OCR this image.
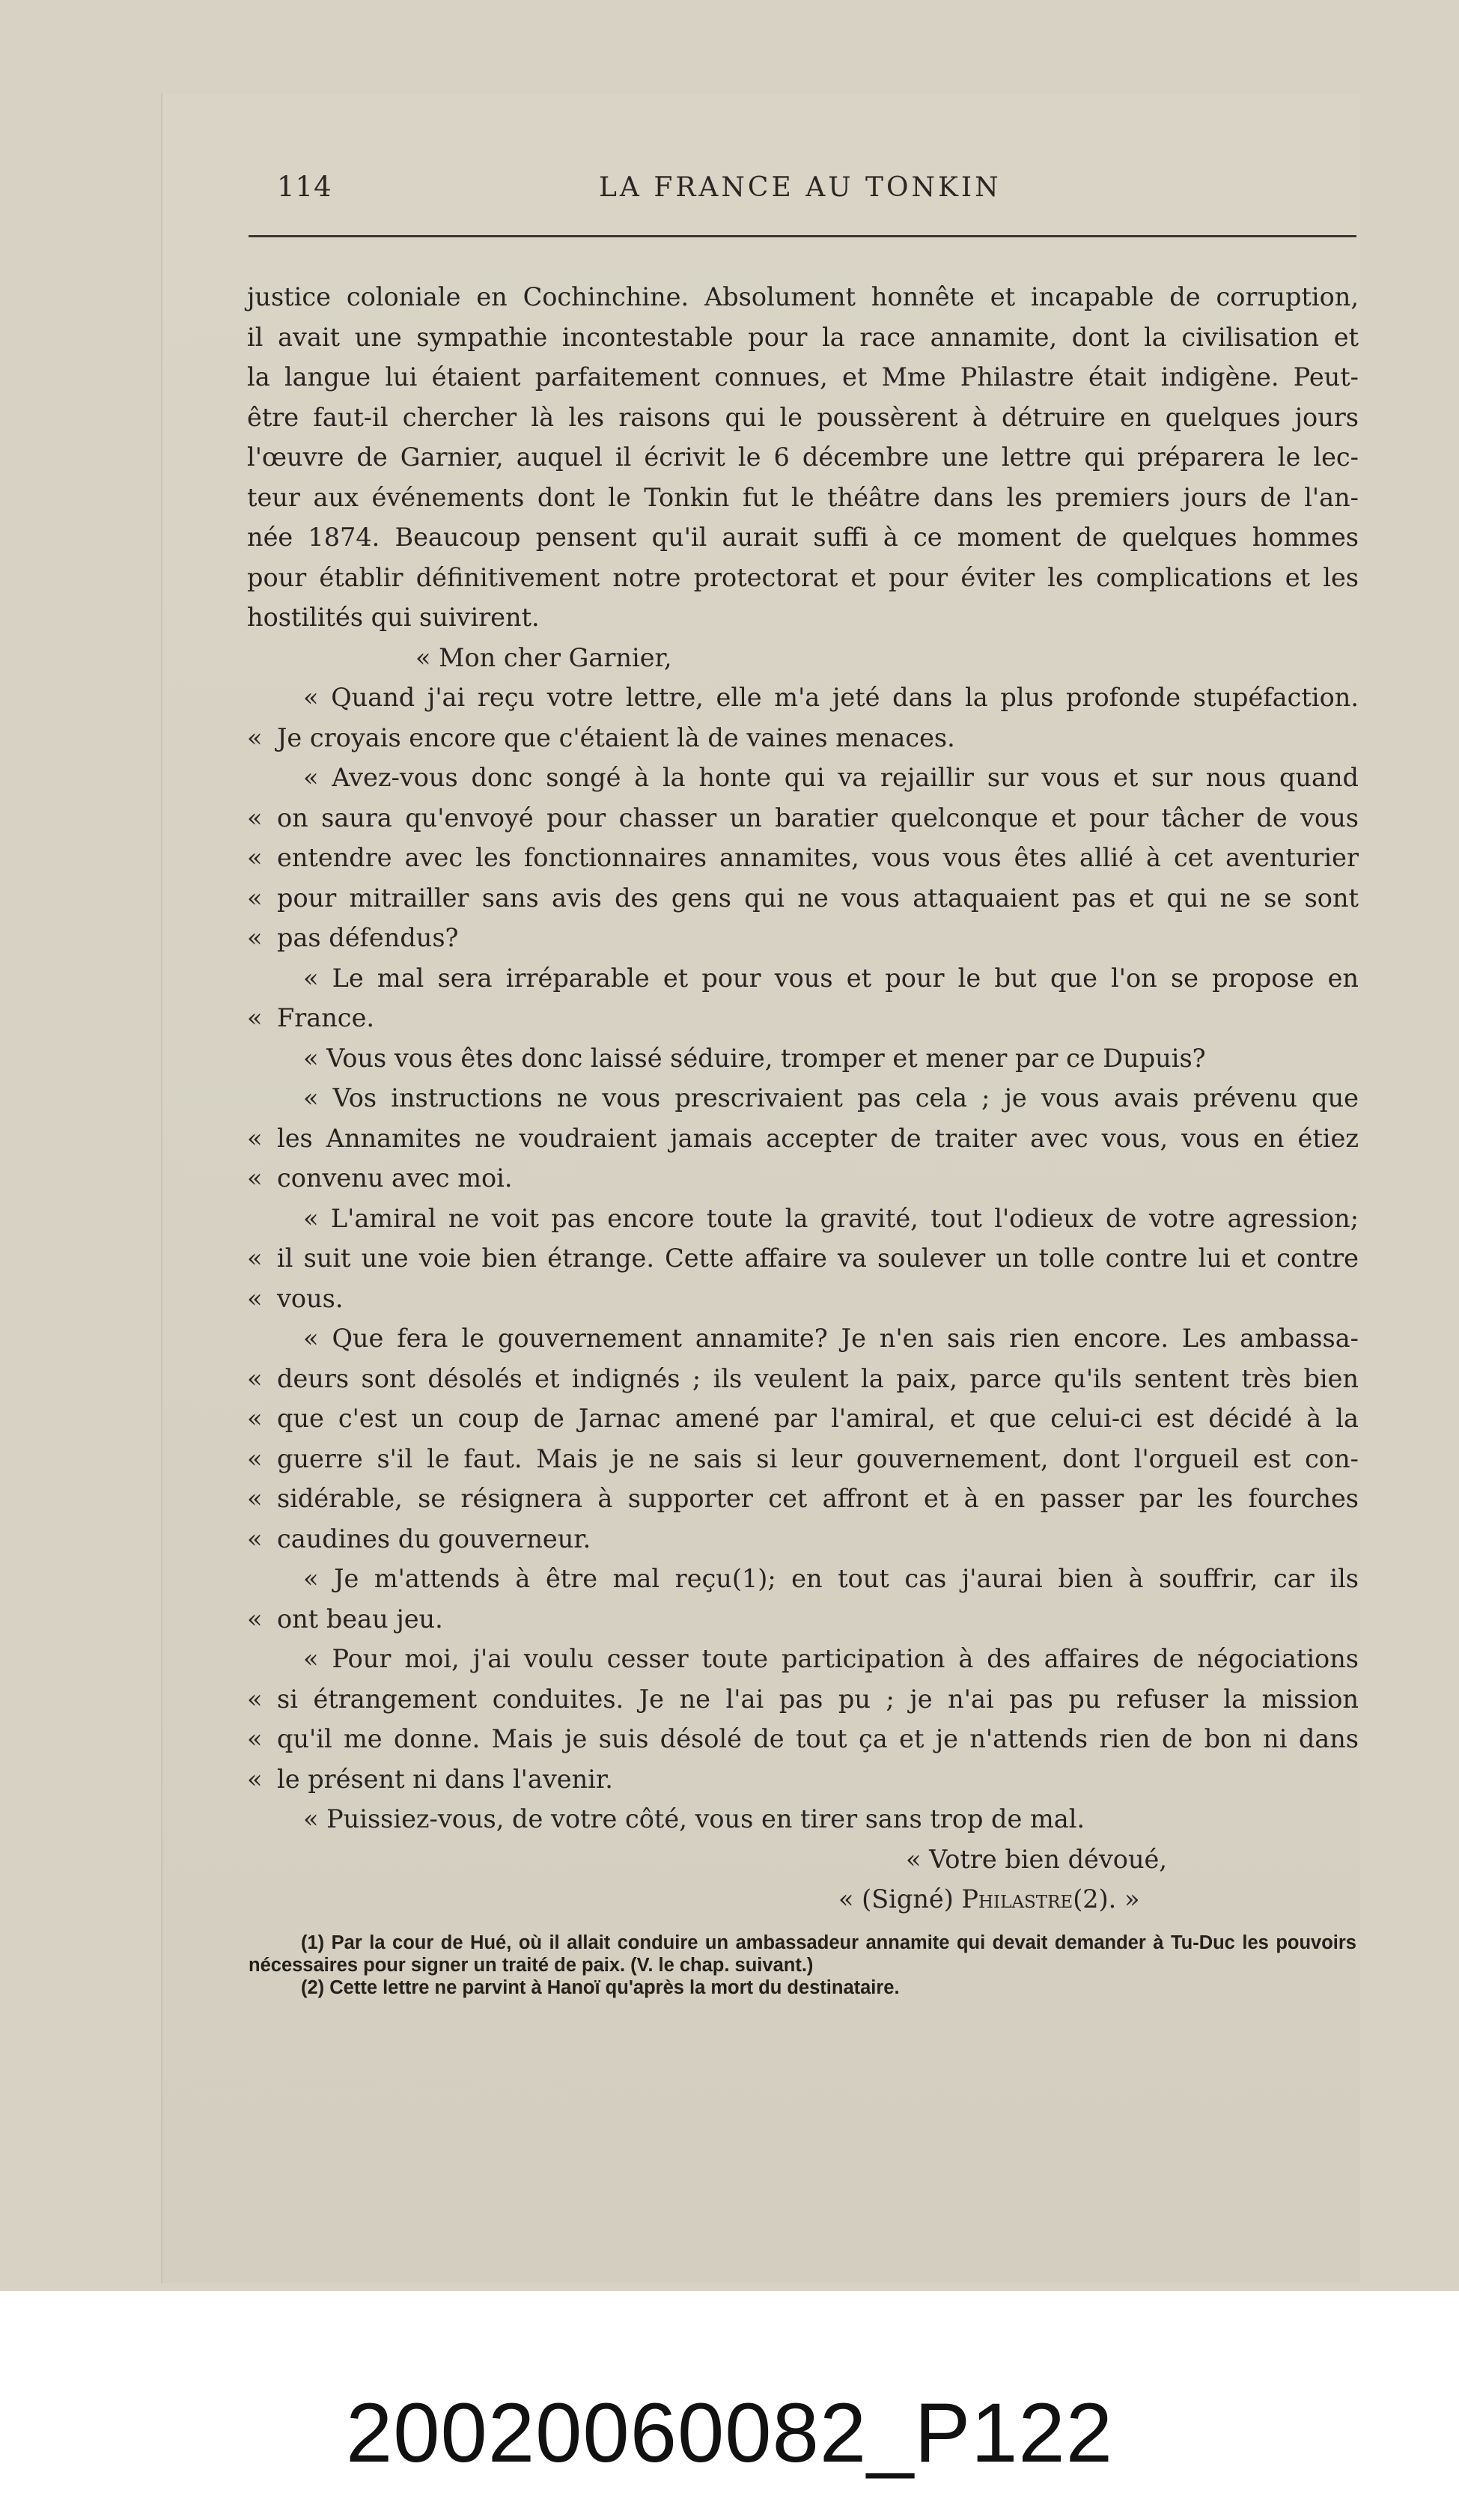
114	LA FRANCE AU TONKIN
justice coloniale en Cochinchine. Absolument honnête et incapable de corruption,
il avait une sympathie incontestable pour la race annamite, dont la civilisation et
la langue lui étaient parfaitement connues, et Mme Philastre était indigène. Peut-
être faut-il chercher là les raisons qui le poussèrent à détruire en quelques jours
l'œuvre de Garnier, auquel il écrivit le 6 décembre une lettre qui préparera le lec-
teur aux événements dont le Tonkin fut le théâtre dans les premiers jours de l'an-
née 1874. Beaucoup pensent qu'il aurait suffi à ce moment de quelques hommes
pour établir définitivement notre protectorat et pour éviter les complications et les
hostilités qui suivirent.
« Mon cher Garnier,
« Quand j'ai reçu votre lettre, elle m'a jeté dans la plus profonde stupéfaction.
« Je croyais encore que c'étaient là de vaines menaces.
« Avez-vous donc songé à la honte qui va rejaillir sur vous et sur nous quand
« on saura qu'envoyé pour chasser un baratier quelconque et pour tâcher de vous
« entendre avec les fonctionnaires annamites, vous vous êtes allié à cet aventurier
« pour mitrailler sans avis des gens qui ne vous attaquaient pas et qui ne se sont
« pas défendus?
« Le mal sera irréparable et pour vous et pour le but que l'on se propose en
« France.
« Vous vous êtes donc laissé séduire, tromper et mener par ce Dupuis?
« Vos instructions ne vous prescrivaient pas cela ; je vous avais prévenu que
« les Annamites ne voudraient jamais accepter de traiter avec vous, vous en étiez
« convenu avec moi.
« L'amiral ne voit pas encore toute la gravité, tout l'odieux de votre agression;
« il suit une voie bien étrange. Cette affaire va soulever un tolle contre lui et contre
« vous.
« Que fera le gouvernement annamite? Je n'en sais rien encore. Les ambassa-
« deurs sont désolés et indignés ; ils veulent la paix, parce qu'ils sentent très bien
« que c'est un coup de Jarnac amené par l'amiral, et que celui-ci est décidé à la
« guerre s'il le faut. Mais je ne sais si leur gouvernement, dont l'orgueil est con-
« sidérable, se résignera à supporter cet affront et à en passer par les fourches
« caudines du gouverneur.
« Je m'attends à être mal reçu(1); en tout cas j'aurai bien à souffrir, car ils
« ont beau jeu.
« Pour moi, j'ai voulu cesser toute participation à des affaires de négociations
« si étrangement conduites. Je ne l'ai pas pu ; je n'ai pas pu refuser la mission
« qu'il me donne. Mais je suis désolé de tout ça et je n'attends rien de bon ni dans
« le présent ni dans l'avenir.
« Puissiez-vous, de votre côté, vous en tirer sans trop de mal.
« Votre bien dévoué,
« (Signé) Philastre(2). »
(1) Par la cour de Hué, où il allait conduire un ambassadeur annamite qui devait demander à Tu-Duc les pouvoirs nécessaires pour signer un traité de paix. (V. le chap. suivant.)
(2) Cette lettre ne parvint à Hanoï qu'après la mort du destinataire.
20020060082_P122
